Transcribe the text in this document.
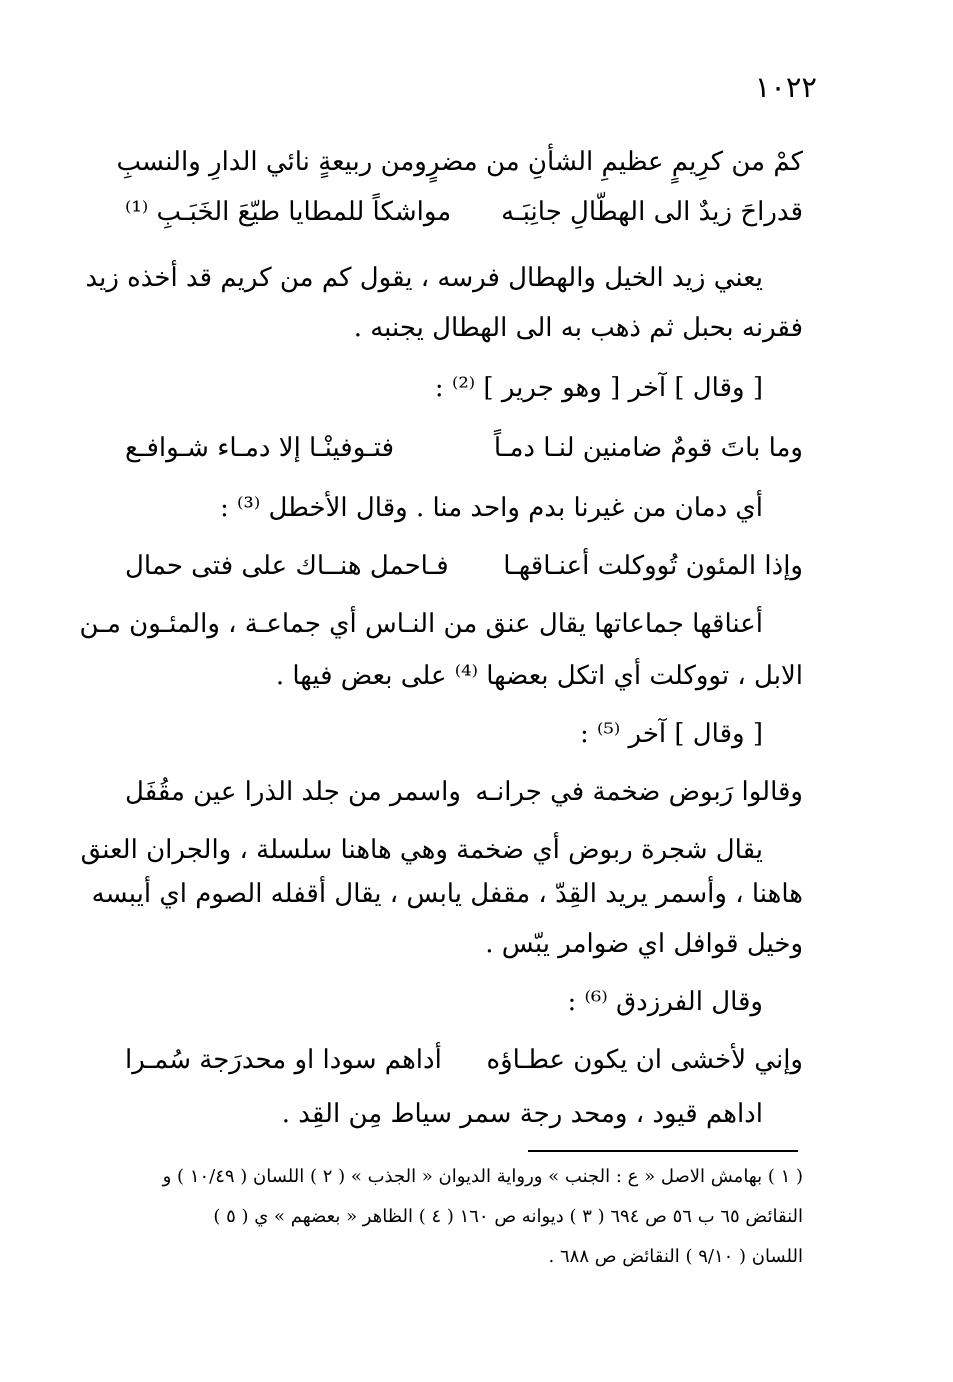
١٠٢٢
كمْ من كرِيمٍ عظيمِ الشأنِ من مضرٍ
ومن ربيعةٍ نائي الدارِ والنسبِ
قدراحَ زيدٌ الى الهطّالِ جانِبَـه
مواشكاً للمطايا طيّعَ الخَبَـبِ ⁽¹⁾
يعني زيد الخيل والهطال فرسه ، يقول كم من كريم قد أخذه زيد
فقرنه بحبل ثم ذهب به الى الهطال يجنبه .
[ وقال ] آخر [ وهو جرير ] ⁽²⁾ :
وما باتَ قومٌ ضامنين لنـا دمـاً
فتـوفينْـا إلا دمـاء شـوافـع
أي دمان من غيرنا بدم واحد منا . وقال الأخطل ⁽³⁾ :
وإذا المئون تُووكلت أعنـاقهـا
فـاحمل هنــاك على فتى حمال
أعناقها جماعاتها يقال عنق من النـاس أي جماعـة ، والمئـون مـن
الابل ، تووكلت أي اتكل بعضها ⁽⁴⁾ على بعض فيها .
[ وقال ] آخر ⁽⁵⁾ :
وقالوا رَبوض ضخمة في جرانـه
واسمر من جلد الذرا عين مقُفَل
يقال شجرة ربوض أي ضخمة وهي هاهنا سلسلة ، والجران العنق
هاهنا ، وأسمر يريد القِدّ ، مقفل يابس ، يقال أقفله الصوم اي أيبسه
وخيل قوافل اي ضوامر يبّس .
وقال الفرزدق ⁽⁶⁾ :
وإني لأخشى ان يكون عطـاؤه
أداهم سودا او محدرَجة سُمـرا
اداهم قيود ، ومحد رجة سمر سياط مِن القِد .
( ١ ) بهامش الاصل « ع : الجنب » ورواية الديوان « الجذب » ( ٢ ) اللسان ( ١٠/٤٩ ) و
النقائض ٦٥ ب ٥٦ ص ٦٩٤ ( ٣ ) ديوانه ص ١٦٠ ( ٤ ) الظاهر « بعضهم » ي ( ٥ )
اللسان ( ٩/١٠ ) النقائض ص ٦٨٨ .
